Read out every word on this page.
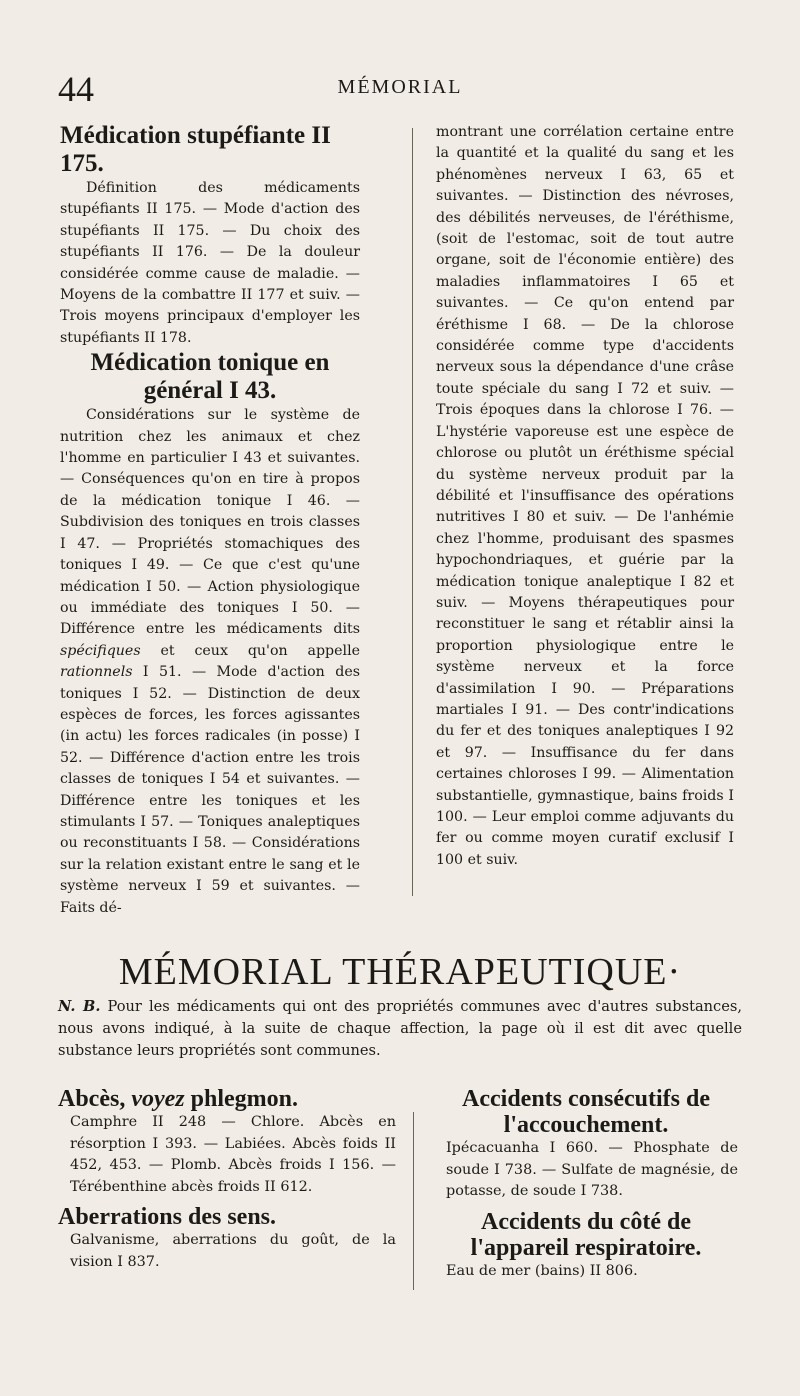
44	MÉMORIAL
Médication stupéfiante II 175.

Définition des médicaments stupéfiants II 175. — Mode d'action des stupéfiants II 175. — Du choix des stupéfiants II 176. — De la douleur considérée comme cause de maladie. — Moyens de la combattre II 177 et suiv. — Trois moyens principaux d'employer les stupéfiants II 178.

Médication tonique en général I 43.

Considérations sur le système de nutrition chez les animaux et chez l'homme en particulier I 43 et suivantes. — Conséquences qu'on en tire à propos de la médication tonique I 46. — Subdivision des toniques en trois classes I 47. — Propriétés stomachiques des toniques I 49. — Ce que c'est qu'une médication I 50. — Action physiologique ou immédiate des toniques I 50. — Différence entre les médicaments dits spécifiques et ceux qu'on appelle rationnels I 51. — Mode d'action des toniques I 52. — Distinction de deux espèces de forces, les forces agissantes (in actu) les forces radicales (in posse) I 52. — Différence d'action entre les trois classes de toniques I 54 et suivantes. — Différence entre les toniques et les stimulants I 57. — Toniques analeptiques ou reconstituants I 58. — Considérations sur la relation existant entre le sang et le système nerveux I 59 et suivantes. — Faits dé-

montrant une corrélation certaine entre la quantité et la qualité du sang et les phénomènes nerveux I 63, 65 et suivantes. — Distinction des névroses, des débilités nerveuses, de l'éréthisme, (soit de l'estomac, soit de tout autre organe, soit de l'économie entière) des maladies inflammatoires I 65 et suivantes. — Ce qu'on entend par éréthisme I 68. — De la chlorose considérée comme type d'accidents nerveux sous la dépendance d'une crâse toute spéciale du sang I 72 et suiv. — Trois époques dans la chlorose I 76. — L'hystérie vaporeuse est une espèce de chlorose ou plutôt un éréthisme spécial du système nerveux produit par la débilité et l'insuffisance des opérations nutritives I 80 et suiv. — De l'anhémie chez l'homme, produisant des spasmes hypochondriaques, et guérie par la médication tonique analeptique I 82 et suiv. — Moyens thérapeutiques pour reconstituer le sang et rétablir ainsi la proportion physiologique entre le système nerveux et la force d'assimilation I 90. — Préparations martiales I 91. — Des contr'indications du fer et des toniques analeptiques I 92 et 97. — Insuffisance du fer dans certaines chloroses I 99. — Alimentation substantielle, gymnastique, bains froids I 100. — Leur emploi comme adjuvants du fer ou comme moyen curatif exclusif I 100 et suiv.

MÉMORIAL THÉRAPEUTIQUE·
N. B. Pour les médicaments qui ont des propriétés communes avec d'autres substances, nous avons indiqué, à la suite de chaque affection, la page où il est dit avec quelle substance leurs propriétés sont communes.
Abcès, voyez phlegmon.

Camphre II 248 — Chlore. Abcès en résorption I 393. — Labiées. Abcès foids II 452, 453. — Plomb. Abcès froids I 156. — Térébenthine abcès froids II 612.

Aberrations des sens.

Galvanisme, aberrations du goût, de la vision I 837.

Accidents consécutifs de l'accouchement.

Ipécacuanha I 660. — Phosphate de soude I 738. — Sulfate de magnésie, de potasse, de soude I 738.

Accidents du côté de l'appareil respiratoire.

Eau de mer (bains) II 806.
